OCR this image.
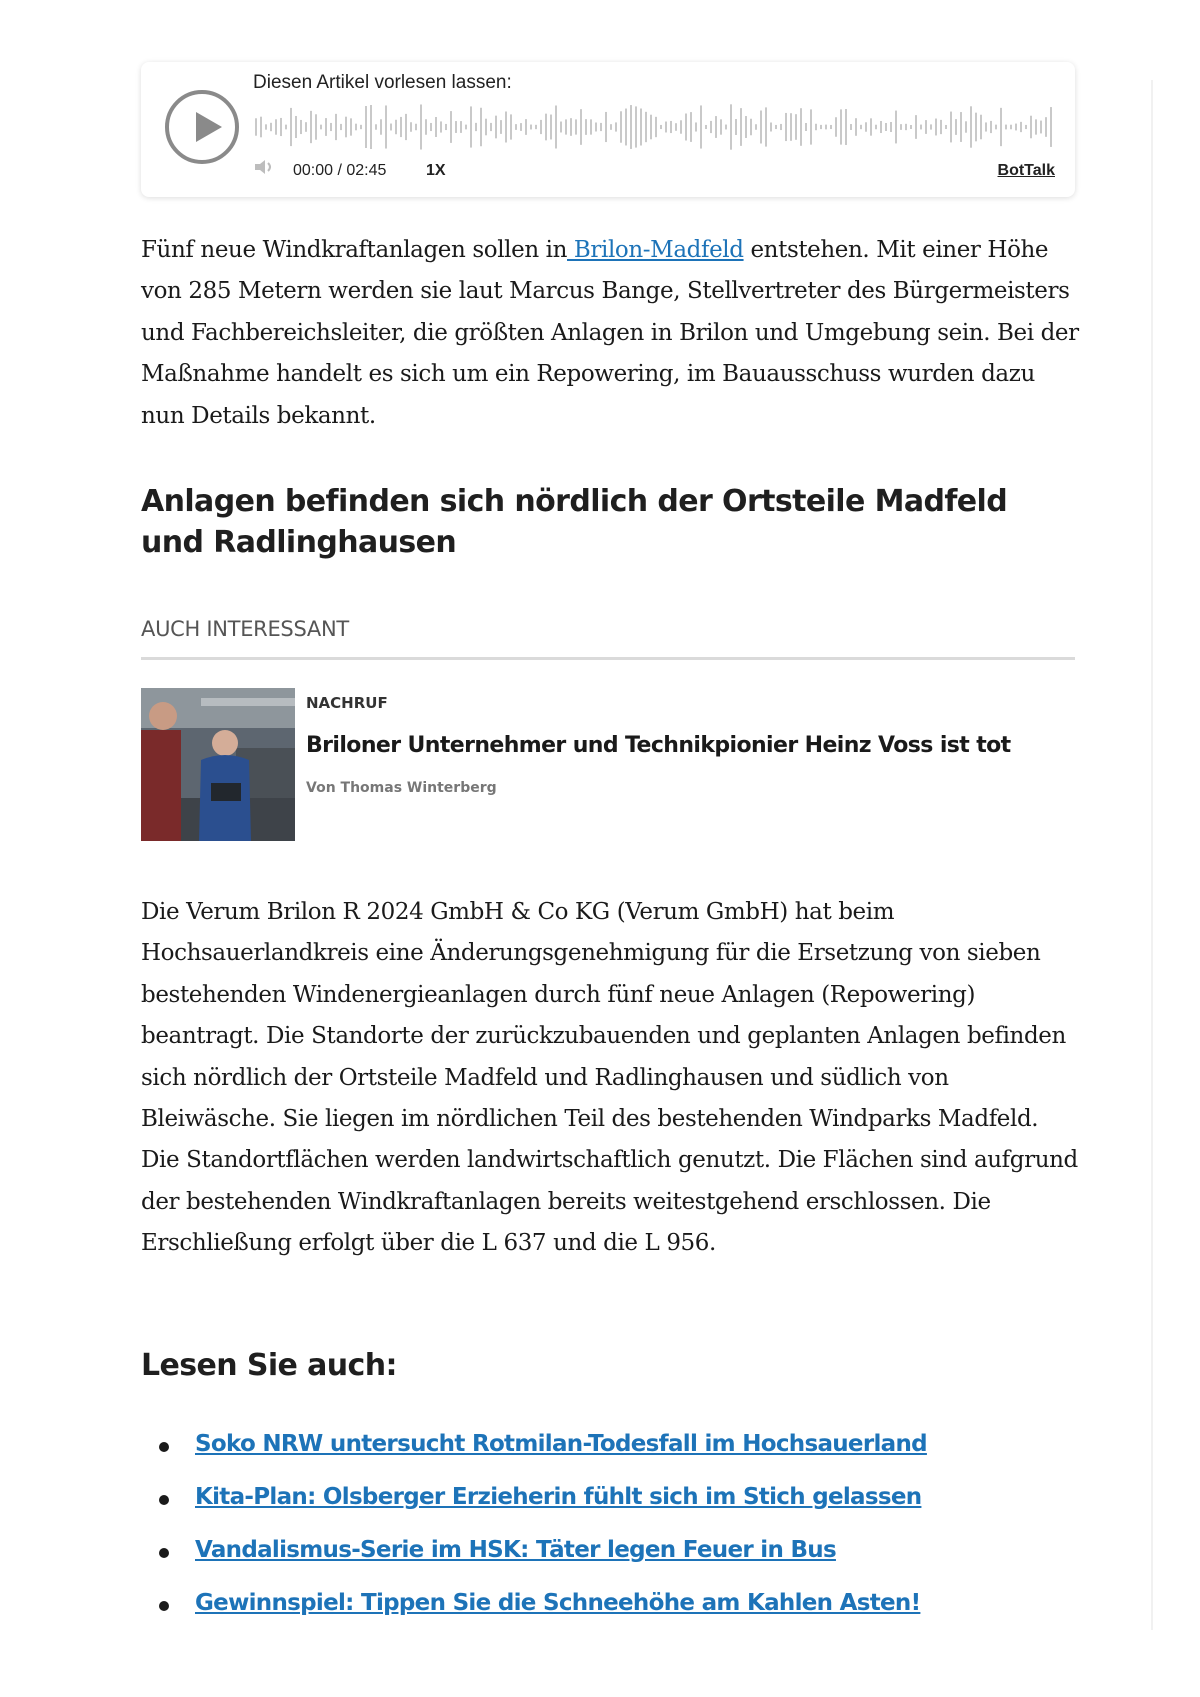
Diesen Artikel vorlesen lassen:
00:00 / 02:45 1X	BotTalk

Fünf neue Windkraftanlagen sollen in Brilon-Madfeld entstehen. Mit einer Höhe von 285 Metern werden sie laut Marcus Bange, Stellvertreter des Bürgermeisters und Fachbereichsleiter, die größten Anlagen in Brilon und Umgebung sein. Bei der Maßnahme handelt es sich um ein Repowering, im Bauausschuss wurden dazu nun Details bekannt.

Anlagen befinden sich nördlich der Ortsteile Madfeld und Radlinghausen
AUCH INTERESSANT
NACHRUF
Briloner Unternehmer und Technikpionier Heinz Voss ist tot
Von Thomas Winterberg

Die Verum Brilon R 2024 GmbH & Co KG (Verum GmbH) hat beim Hochsauerlandkreis eine Änderungsgenehmigung für die Ersetzung von sieben bestehenden Windenergieanlagen durch fünf neue Anlagen (Repowering) beantragt. Die Standorte der zurückzubauenden und geplanten Anlagen befinden sich nördlich der Ortsteile Madfeld und Radlinghausen und südlich von Bleiwäsche. Sie liegen im nördlichen Teil des bestehenden Windparks Madfeld. Die Standortflächen werden landwirtschaftlich genutzt. Die Flächen sind aufgrund der bestehenden Windkraftanlagen bereits weitestgehend erschlossen. Die Erschließung erfolgt über die L 637 und die L 956.

Lesen Sie auch:
Soko NRW untersucht Rotmilan-Todesfall im Hochsauerland
Kita-Plan: Olsberger Erzieherin fühlt sich im Stich gelassen
Vandalismus-Serie im HSK: Täter legen Feuer in Bus
Gewinnspiel: Tippen Sie die Schneehöhe am Kahlen Asten!
